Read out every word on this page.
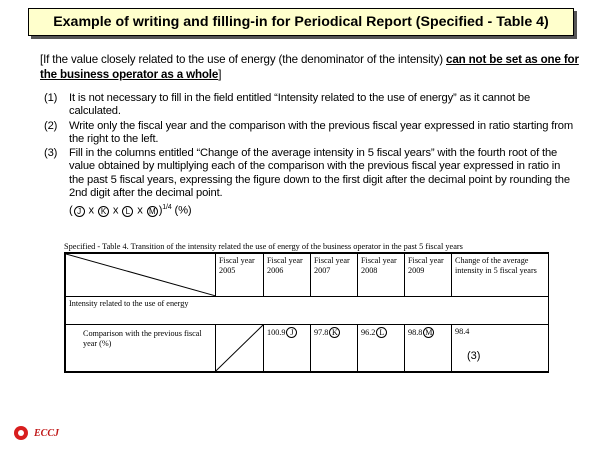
Example of writing and filling-in for Periodical Report (Specified - Table 4)
[If the value closely related to the use of energy (the denominator of the intensity) can not be set as one for the business operator as a whole]
(1)	It is not necessary to fill in the field entitled “Intensity related to the use of energy” as it cannot be calculated.
(2)	Write only the fiscal year and the comparison with the previous fiscal year expressed in ratio starting from the right to the left.
(3)	Fill in the columns entitled “Change of the average intensity in 5 fiscal years” with the fourth root of the value obtained by multiplying each of the comparison with the previous fiscal year expressed in ratio in the past 5 fiscal years, expressing the figure down to the first digit after the decimal point by rounding the 2nd digit after the decimal point.
( J x K x L x M )$^{1/4}$ (%)
Specified - Table 4. Transition of the intensity related the use of energy of the business operator in the past 5 fiscal years
	Fiscal year 2005	Fiscal year 2006	Fiscal year 2007	Fiscal year 2008	Fiscal year 2009	Change of the average intensity in 5 fiscal years
Intensity related to the use of energy						

Comparison with the previous fiscal year (%)		100.9 J	97.8 K	96.2 L	98.8 M	98.4
(3)
ECCJ
